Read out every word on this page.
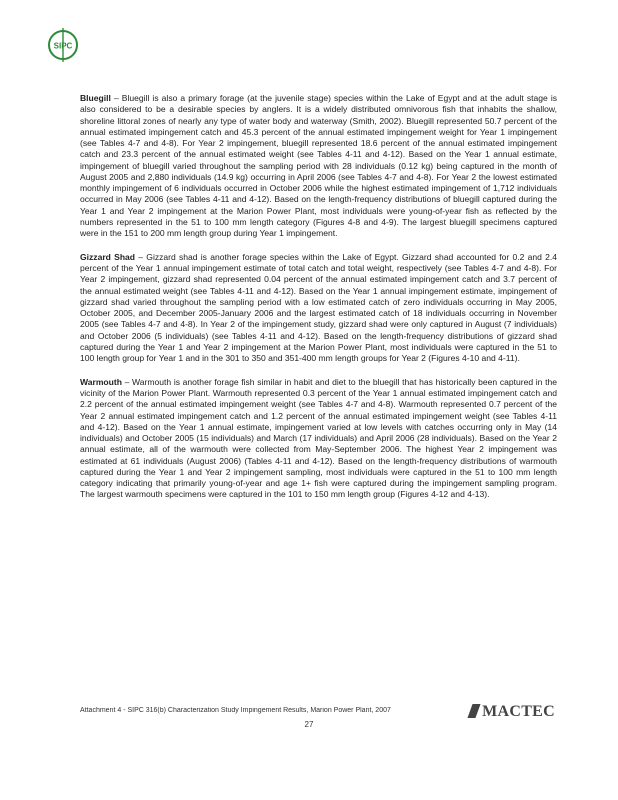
SIPC

Bluegill – Bluegill is also a primary forage (at the juvenile stage) species within the Lake of Egypt and at the adult stage is also considered to be a desirable species by anglers. It is a widely distributed omnivorous fish that inhabits the shallow, shoreline littoral zones of nearly any type of water body and waterway (Smith, 2002). Bluegill represented 50.7 percent of the annual estimated impingement catch and 45.3 percent of the annual estimated impingement weight for Year 1 impingement (see Tables 4-7 and 4-8). For Year 2 impingement, bluegill represented 18.6 percent of the annual estimated impingement catch and 23.3 percent of the annual estimated weight (see Tables 4-11 and 4-12). Based on the Year 1 annual estimate, impingement of bluegill varied throughout the sampling period with 28 individuals (0.12 kg) being captured in the month of August 2005 and 2,880 individuals (14.9 kg) occurring in April 2006 (see Tables 4-7 and 4-8). For Year 2 the lowest estimated monthly impingement of 6 individuals occurred in October 2006 while the highest estimated impingement of 1,712 individuals occurred in May 2006 (see Tables 4-11 and 4-12). Based on the length-frequency distributions of bluegill captured during the Year 1 and Year 2 impingement at the Marion Power Plant, most individuals were young-of-year fish as reflected by the numbers represented in the 51 to 100 mm length category (Figures 4-8 and 4-9). The largest bluegill specimens captured were in the 151 to 200 mm length group during Year 1 impingement.

Gizzard Shad – Gizzard shad is another forage species within the Lake of Egypt. Gizzard shad accounted for 0.2 and 2.4 percent of the Year 1 annual impingement estimate of total catch and total weight, respectively (see Tables 4-7 and 4-8). For Year 2 impingement, gizzard shad represented 0.04 percent of the annual estimated impingement catch and 3.7 percent of the annual estimated weight (see Tables 4-11 and 4-12). Based on the Year 1 annual impingement estimate, impingement of gizzard shad varied throughout the sampling period with a low estimated catch of zero individuals occurring in May 2005, October 2005, and December 2005-January 2006 and the largest estimated catch of 18 individuals occurring in November 2005 (see Tables 4-7 and 4-8). In Year 2 of the impingement study, gizzard shad were only captured in August (7 individuals) and October 2006 (5 individuals) (see Tables 4-11 and 4-12). Based on the length-frequency distributions of gizzard shad captured during the Year 1 and Year 2 impingement at the Marion Power Plant, most individuals were captured in the 51 to 100 length group for Year 1 and in the 301 to 350 and 351-400 mm length groups for Year 2 (Figures 4-10 and 4-11).

Warmouth – Warmouth is another forage fish similar in habit and diet to the bluegill that has historically been captured in the vicinity of the Marion Power Plant. Warmouth represented 0.3 percent of the Year 1 annual estimated impingement catch and 2.2 percent of the annual estimated impingement weight (see Tables 4-7 and 4-8). Warmouth represented 0.7 percent of the Year 2 annual estimated impingement catch and 1.2 percent of the annual estimated impingement weight (see Tables 4-11 and 4-12). Based on the Year 1 annual estimate, impingement varied at low levels with catches occurring only in May (14 individuals) and October 2005 (15 individuals) and March (17 individuals) and April 2006 (28 individuals). Based on the Year 2 annual estimate, all of the warmouth were collected from May-September 2006. The highest Year 2 impingement was estimated at 61 individuals (August 2006) (Tables 4-11 and 4-12). Based on the length-frequency distributions of warmouth captured during the Year 1 and Year 2 impingement sampling, most individuals were captured in the 51 to 100 mm length category indicating that primarily young-of-year and age 1+ fish were captured during the impingement sampling program. The largest warmouth specimens were captured in the 101 to 150 mm length group (Figures 4-12 and 4-13).

Attachment 4 - SIPC 316(b) Characterization Study Impingement Results, Marion Power Plant, 2007	MACTEC
27
